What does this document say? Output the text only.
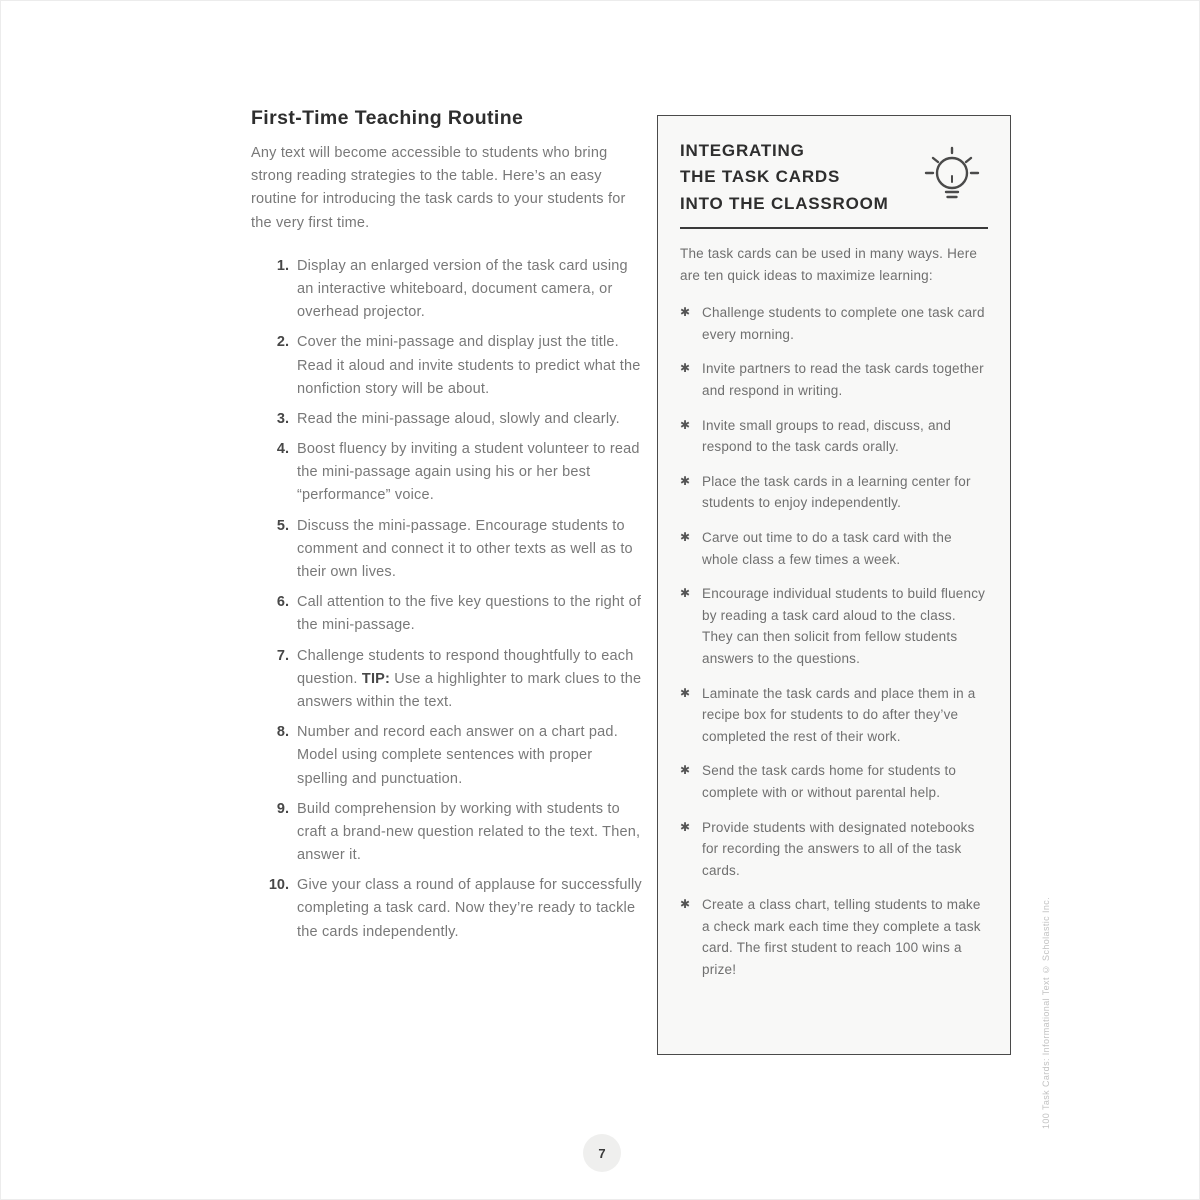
First-Time Teaching Routine

Any text will become accessible to students who bring strong reading strategies to the table. Here’s an easy routine for introducing the task cards to your students for the very first time.

1. Display an enlarged version of the task card using an interactive whiteboard, document camera, or overhead projector.
2. Cover the mini-passage and display just the title. Read it aloud and invite students to predict what the nonfiction story will be about.
3. Read the mini-passage aloud, slowly and clearly.
4. Boost fluency by inviting a student volunteer to read the mini-passage again using his or her best “performance” voice.
5. Discuss the mini-passage. Encourage students to comment and connect it to other texts as well as to their own lives.
6. Call attention to the five key questions to the right of the mini-passage.
7. Challenge students to respond thoughtfully to each question. TIP: Use a highlighter to mark clues to the answers within the text.
8. Number and record each answer on a chart pad. Model using complete sentences with proper spelling and punctuation.
9. Build comprehension by working with students to craft a brand-new question related to the text. Then, answer it.
10. Give your class a round of applause for successfully completing a task card. Now they’re ready to tackle the cards independently.
INTEGRATING
THE TASK CARDS
INTO THE CLASSROOM

The task cards can be used in many ways. Here are ten quick ideas to maximize learning:

✱ Challenge students to complete one task card every morning.
✱ Invite partners to read the task cards together and respond in writing.
✱ Invite small groups to read, discuss, and respond to the task cards orally.
✱ Place the task cards in a learning center for students to enjoy independently.
✱ Carve out time to do a task card with the whole class a few times a week.
✱ Encourage individual students to build fluency by reading a task card aloud to the class. They can then solicit from fellow students answers to the questions.
✱ Laminate the task cards and place them in a recipe box for students to do after they’ve completed the rest of their work.
✱ Send the task cards home for students to complete with or without parental help.
✱ Provide students with designated notebooks for recording the answers to all of the task cards.
✱ Create a class chart, telling students to make a check mark each time they complete a task card. The first student to reach 100 wins a prize!
7
100 Task Cards: Informational Text © Scholastic Inc.
